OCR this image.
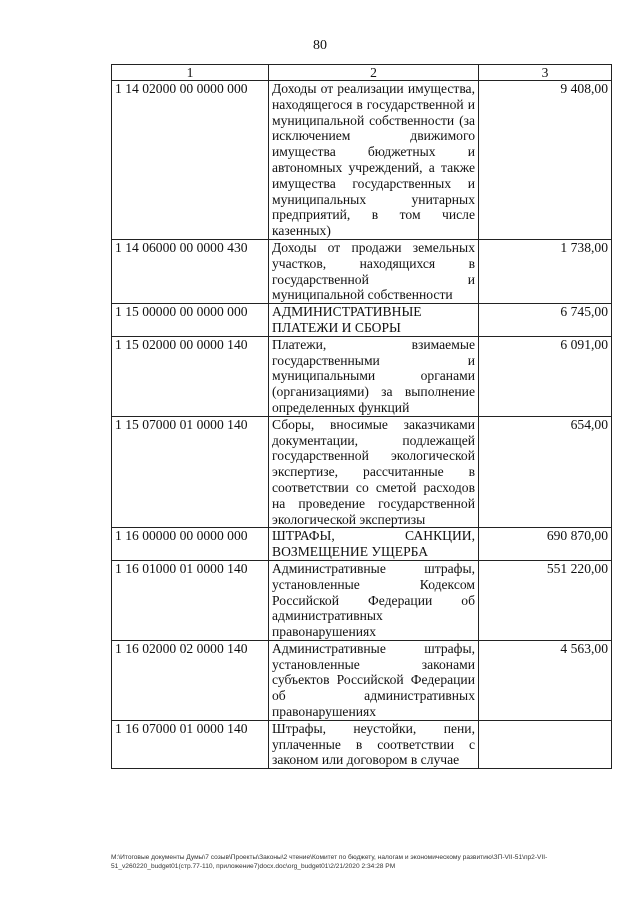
80
1	2	3
1 14 02000 00 0000 000	Доходы от реализации имущества, находящегося в государственной и муниципальной собственности (за исключением движимого имущества бюджетных и автономных учреждений, а также имущества государственных и муниципальных унитарных предприятий, в том числе казенных)	9 408,00
1 14 06000 00 0000 430	Доходы от продажи земельных участков, находящихся в государственной и муниципальной собственности	1 738,00
1 15 00000 00 0000 000	АДМИНИСТРАТИВНЫЕ ПЛАТЕЖИ И СБОРЫ	6 745,00
1 15 02000 00 0000 140	Платежи, взимаемые государственными и муниципальными органами (организациями) за выполнение определенных функций	6 091,00
1 15 07000 01 0000 140	Сборы, вносимые заказчиками документации, подлежащей государственной экологической экспертизе, рассчитанные в соответствии со сметой расходов на проведение государственной экологической экспертизы	654,00
1 16 00000 00 0000 000	ШТРАФЫ, САНКЦИИ, ВОЗМЕЩЕНИЕ УЩЕРБА	690 870,00
1 16 01000 01 0000 140	Административные штрафы, установленные Кодексом Российской Федерации об административных правонарушениях	551 220,00
1 16 02000 02 0000 140	Административные штрафы, установленные законами субъектов Российской Федерации об административных правонарушениях	4 563,00
1 16 07000 01 0000 140	Штрафы, неустойки, пени, уплаченные в соответствии с законом или договором в случае	
M:\Итоговые документы Думы\7 созыв\Проекты\Законы\2 чтение\Комитет по бюджету, налогам и экономическому развитию\ЗП-VII-51\пр2-VII-
51_v260220_budget01(стр.77-110, приложение7)docx.doc\org_budget01\2/21/2020 2:34:28 PM
